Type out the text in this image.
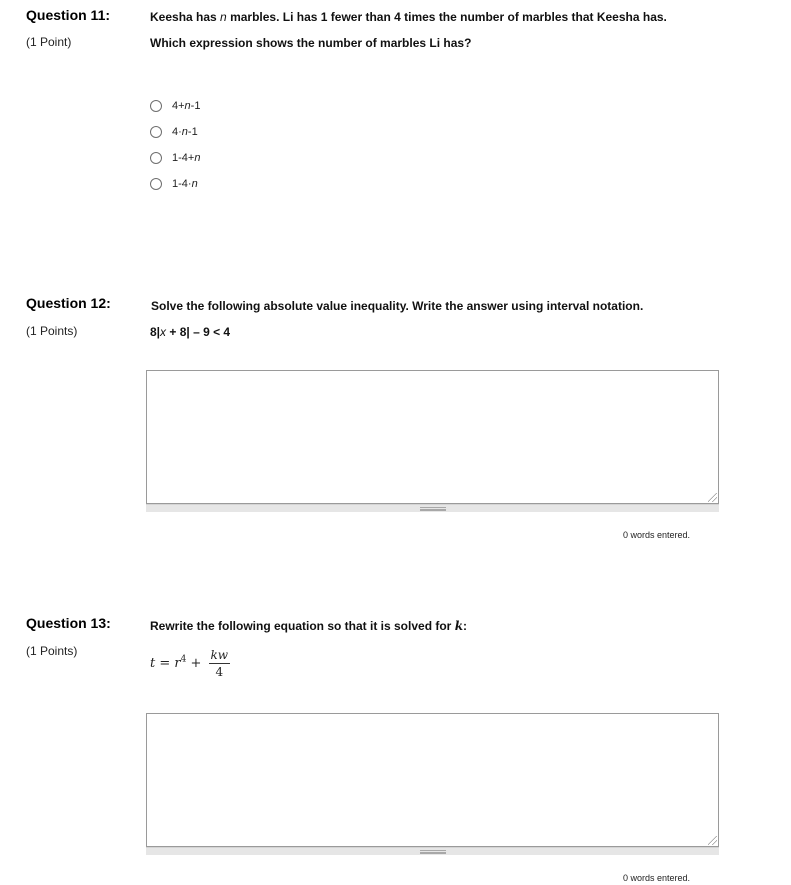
Question 11:
(1 Point)
Keesha has n marbles. Li has 1 fewer than 4 times the number of marbles that Keesha has.
Which expression shows the number of marbles Li has?
4+n-1
4·n-1
1-4+n
1-4·n
Question 12:
(1 Points)
Solve the following absolute value inequality. Write the answer using interval notation.
8|x + 8| – 9 < 4
0 words entered.
Question 13:
(1 Points)
Rewrite the following equation so that it is solved for k:
$t = r^4 + \frac{kw}{4}$
0 words entered.
